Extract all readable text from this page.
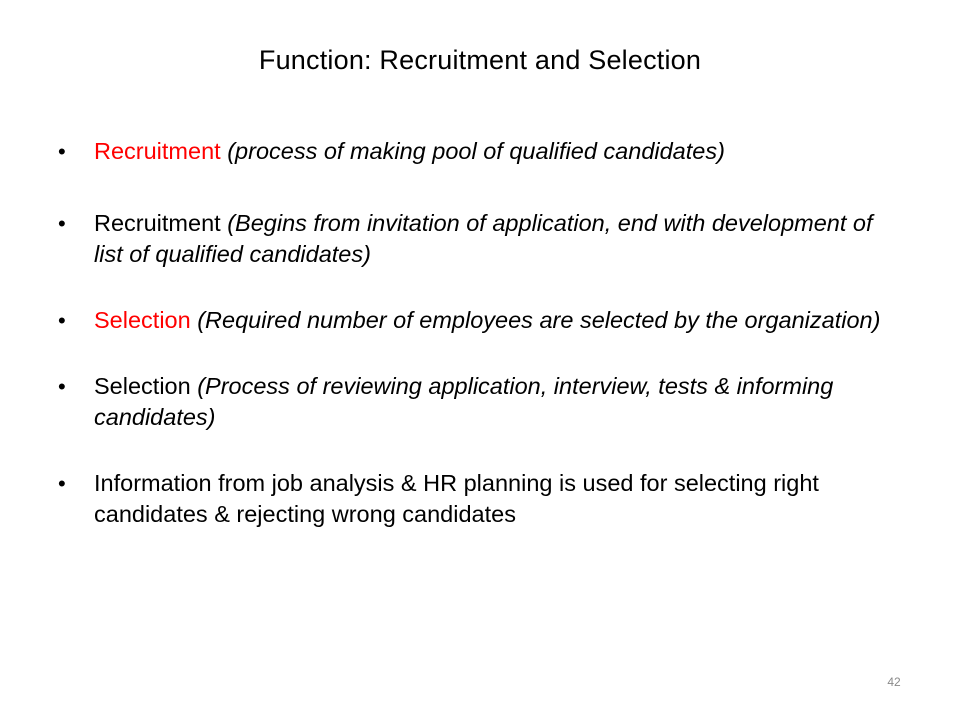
Function: Recruitment and Selection
•	Recruitment (process of making pool of qualified candidates)
•	Recruitment (Begins from invitation of application, end with development of list of qualified candidates)
•	Selection (Required number of employees are selected by the organization)
•	Selection (Process of reviewing application, interview, tests & informing candidates)
•	Information from job analysis & HR planning is used for selecting right candidates & rejecting wrong candidates
42
